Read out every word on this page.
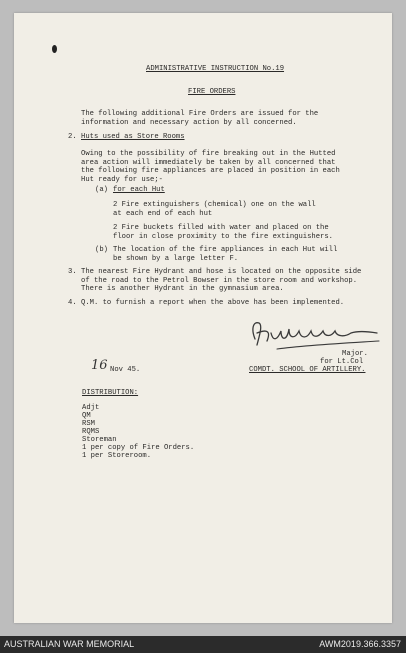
ADMINISTRATIVE INSTRUCTION No.19
FIRE ORDERS
The following additional Fire Orders are issued for the
information and necessary action by all concerned.
2. Huts used as Store Rooms
Owing to the possibility of fire breaking out in the Hutted
area action will immediately be taken by all concerned that
the following fire appliances are placed in position in each
Hut ready for use;-
(a) for each Hut
2 Fire extinguishers (chemical) one on the wall
at each end of each hut
2 Fire buckets filled with water and placed on the
floor in close proximity to the fire extinguishers.
(b) The location of the fire appliances in each Hut will
be shown by a large letter F.
3. The nearest Fire Hydrant and hose is located on the opposite side
of the road to the Petrol Bowser in the store room and workshop.
There is another Hydrant in the gymnasium area.
4. Q.M. to furnish a report when the above has been implemented.
Major.
for Lt.Col
COMDT. SCHOOL OF ARTILLERY.
16 Nov 45.
DISTRIBUTION:
Adjt
QM
RSM
RQMS
Storeman
1 per copy of Fire Orders.
1 per Storeroom.
AUSTRALIAN WAR MEMORIAL	AWM2019.366.3357
